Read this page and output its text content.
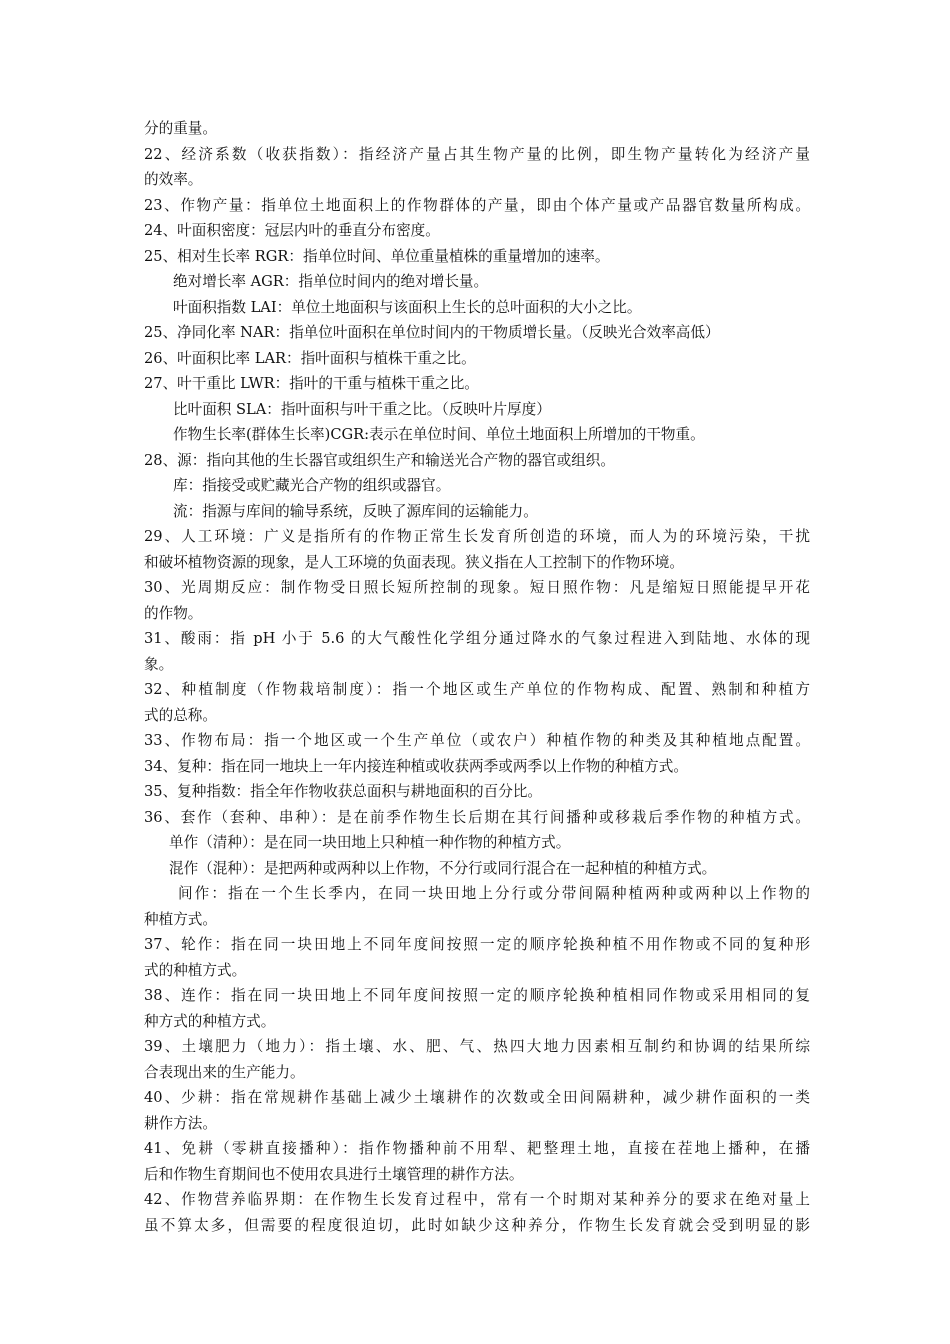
分的重量。
22、经济系数（收获指数）：指经济产量占其生物产量的比例，即生物产量转化为经济产量
的效率。
23、作物产量：指单位土地面积上的作物群体的产量，即由个体产量或产品器官数量所构成。
24、叶面积密度：冠层内叶的垂直分布密度。
25、相对生长率 RGR：指单位时间、单位重量植株的重量增加的速率。
绝对增长率 AGR：指单位时间内的绝对增长量。
叶面积指数 LAI：单位土地面积与该面积上生长的总叶面积的大小之比。
25、净同化率 NAR：指单位叶面积在单位时间内的干物质增长量。（反映光合效率高低）
26、叶面积比率 LAR：指叶面积与植株干重之比。
27、叶干重比 LWR：指叶的干重与植株干重之比。
比叶面积 SLA：指叶面积与叶干重之比。（反映叶片厚度）
作物生长率(群体生长率)CGR:表示在单位时间、单位土地面积上所增加的干物重。
28、源：指向其他的生长器官或组织生产和输送光合产物的器官或组织。
库：指接受或贮藏光合产物的组织或器官。
流：指源与库间的输导系统，反映了源库间的运输能力。
29、人工环境：广义是指所有的作物正常生长发育所创造的环境，而人为的环境污染，干扰
和破坏植物资源的现象，是人工环境的负面表现。狭义指在人工控制下的作物环境。
30、光周期反应：制作物受日照长短所控制的现象。短日照作物：凡是缩短日照能提早开花
的作物。
31、酸雨：指 pH 小于 5.6 的大气酸性化学组分通过降水的气象过程进入到陆地、水体的现
象。
32、种植制度（作物栽培制度）：指一个地区或生产单位的作物构成、配置、熟制和种植方
式的总称。
33、作物布局：指一个地区或一个生产单位（或农户）种植作物的种类及其种植地点配置。
34、复种：指在同一地块上一年内接连种植或收获两季或两季以上作物的种植方式。
35、复种指数：指全年作物收获总面积与耕地面积的百分比。
36、套作（套种、串种）：是在前季作物生长后期在其行间播种或移栽后季作物的种植方式。
单作（清种）：是在同一块田地上只种植一种作物的种植方式。
混作（混种）：是把两种或两种以上作物，不分行或同行混合在一起种植的种植方式。
间作：指在一个生长季内，在同一块田地上分行或分带间隔种植两种或两种以上作物的
种植方式。
37、轮作：指在同一块田地上不同年度间按照一定的顺序轮换种植不用作物或不同的复种形
式的种植方式。
38、连作：指在同一块田地上不同年度间按照一定的顺序轮换种植相同作物或采用相同的复
种方式的种植方式。
39、土壤肥力（地力）：指土壤、水、肥、气、热四大地力因素相互制约和协调的结果所综
合表现出来的生产能力。
40、少耕：指在常规耕作基础上减少土壤耕作的次数或全田间隔耕种，减少耕作面积的一类
耕作方法。
41、免耕（零耕直接播种）：指作物播种前不用犁、耙整理土地，直接在茬地上播种，在播
后和作物生育期间也不使用农具进行土壤管理的耕作方法。
42、作物营养临界期：在作物生长发育过程中，常有一个时期对某种养分的要求在绝对量上
虽不算太多，但需要的程度很迫切，此时如缺少这种养分，作物生长发育就会受到明显的影
